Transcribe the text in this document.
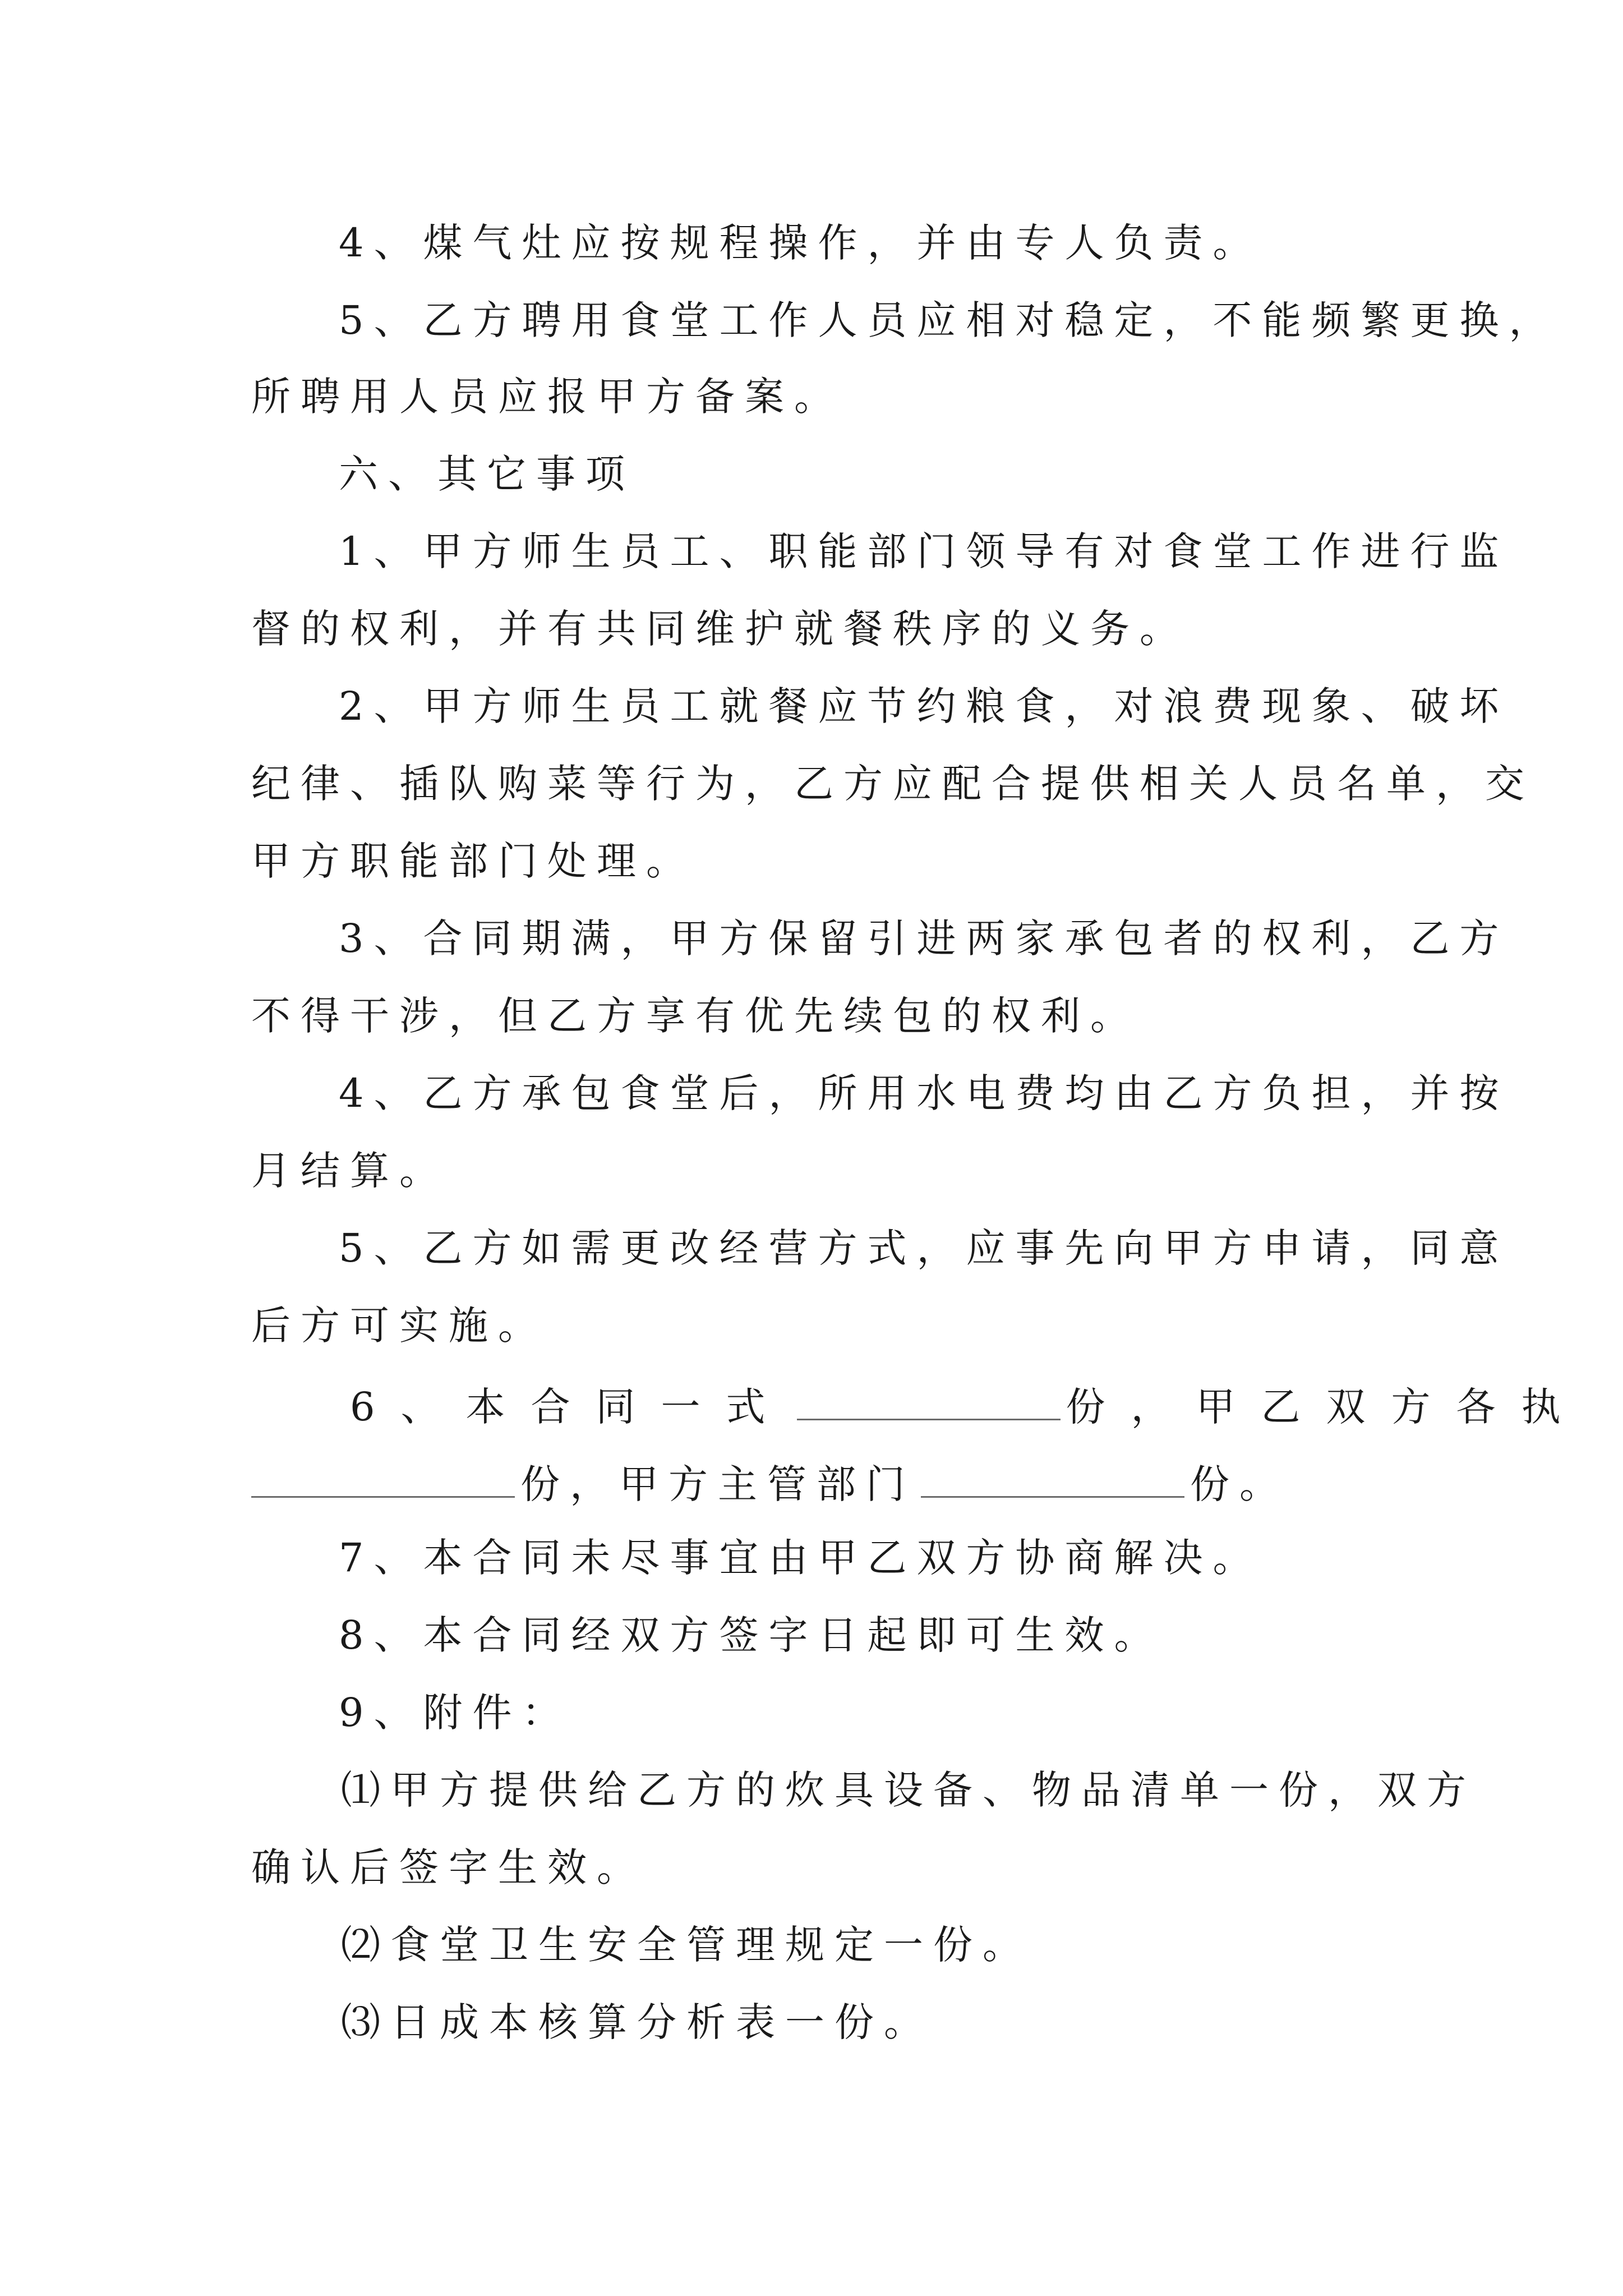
4、煤气灶应按规程操作，并由专人负责。
5、乙方聘用食堂工作人员应相对稳定，不能频繁更换，
所聘用人员应报甲方备案。
六、其它事项
1、甲方师生员工、职能部门领导有对食堂工作进行监
督的权利，并有共同维护就餐秩序的义务。
2、甲方师生员工就餐应节约粮食，对浪费现象、破坏
纪律、插队购菜等行为，乙方应配合提供相关人员名单，交
甲方职能部门处理。
3、合同期满，甲方保留引进两家承包者的权利，乙方
不得干涉，但乙方享有优先续包的权利。
4、乙方承包食堂后，所用水电费均由乙方负担，并按
月结算。
5、乙方如需更改经营方式，应事先向甲方申请，同意
后方可实施。
6、本合同一式	份，甲乙双方各执
份，甲方主管部门	份。
7、本合同未尽事宜由甲乙双方协商解决。
8、本合同经双方签字日起即可生效。
9、附件：
⑴甲方提供给乙方的炊具设备、物品清单一份，双方
确认后签字生效。
⑵食堂卫生安全管理规定一份。
⑶日成本核算分析表一份。
